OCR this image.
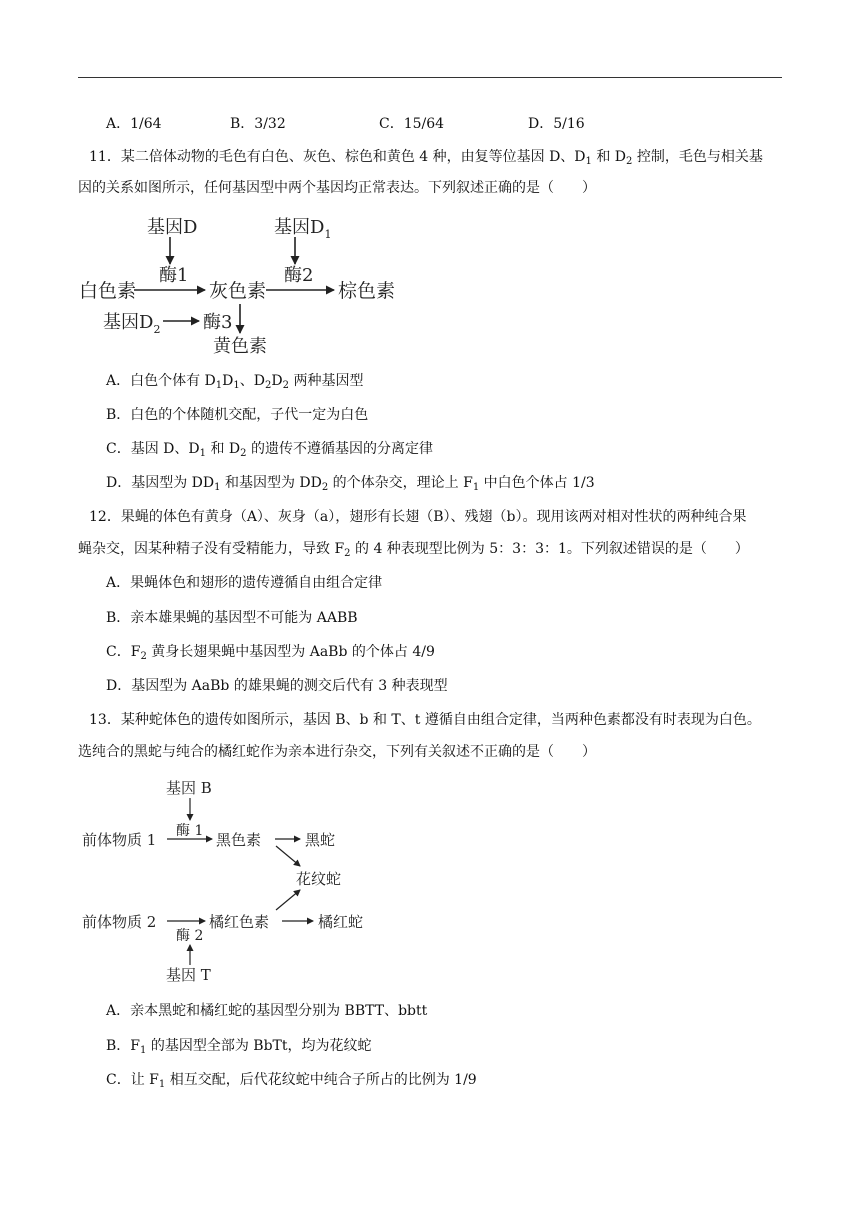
A．1/64	B．3/32	C．15/64	D．5/16
11．某二倍体动物的毛色有白色、灰色、棕色和黄色 4 种，由复等位基因 D、$D_1$ 和 $D_2$ 控制，毛色与相关基
因的关系如图所示，任何基因型中两个基因均正常表达。下列叙述正确的是（　　）
基因D	基因$D_1$
酶1	酶2
白色素	灰色素	棕色素
基因$D_2$ 酶3
黄色素
A．白色个体有 $D_1D_1$、$D_2D_2$ 两种基因型
B．白色的个体随机交配，子代一定为白色
C．基因 D、$D_1$ 和 $D_2$ 的遗传不遵循基因的分离定律
D．基因型为 $DD_1$ 和基因型为 $DD_2$ 的个体杂交，理论上 $F_1$ 中白色个体占 1/3
12．果蝇的体色有黄身（A）、灰身（a），翅形有长翅（B）、残翅（b）。现用该两对相对性状的两种纯合果
蝇杂交，因某种精子没有受精能力，导致 $F_2$ 的 4 种表现型比例为 5：3：3：1。下列叙述错误的是（　　）
A．果蝇体色和翅形的遗传遵循自由组合定律
B．亲本雄果蝇的基因型不可能为 AABB
C．$F_2$ 黄身长翅果蝇中基因型为 AaBb 的个体占 4/9
D．基因型为 AaBb 的雄果蝇的测交后代有 3 种表现型
13．某种蛇体色的遗传如图所示，基因 B、b 和 T、t 遵循自由组合定律，当两种色素都没有时表现为白色。
选纯合的黑蛇与纯合的橘红蛇作为亲本进行杂交，下列有关叙述不正确的是（　　）
基因 B
酶 1
前体物质 1	黑色素	黑蛇
花纹蛇
前体物质 2	橘红色素	橘红蛇
酶 2
基因 T
A．亲本黑蛇和橘红蛇的基因型分别为 BBTT、bbtt
B．$F_1$ 的基因型全部为 BbTt，均为花纹蛇
C．让 $F_1$ 相互交配，后代花纹蛇中纯合子所占的比例为 1/9
